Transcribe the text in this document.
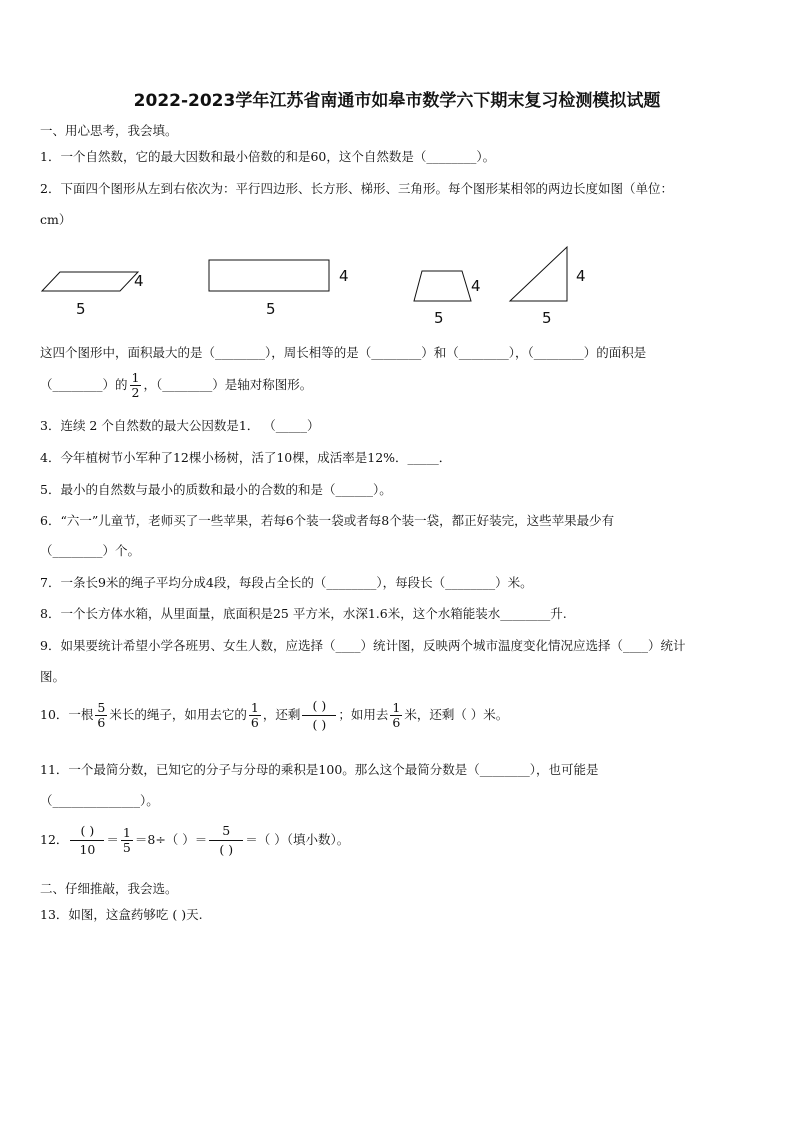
2022-2023学年江苏省南通市如皋市数学六下期末复习检测模拟试题
一、用心思考，我会填。
1．一个自然数，它的最大因数和最小倍数的和是60，这个自然数是（________）。
2．下面四个图形从左到右依次为：平行四边形、长方形、梯形、三角形。每个图形某相邻的两边长度如图（单位：
cm）
4
5
4
5
4
5
4
5
这四个图形中，面积最大的是（________），周长相等的是（________）和（________），（________）的面积是
（________）的 $\frac{1}{2}$ ，（________）是轴对称图形。
3．连续 2 个自然数的最大公因数是1． （_____）
4．今年植树节小军种了12棵小杨树，活了10棵，成活率是12%．_____．
5．最小的自然数与最小的质数和最小的合数的和是（______）。
6．“六一”儿童节，老师买了一些苹果，若每6个装一袋或者每8个装一袋，都正好装完，这些苹果最少有
（________）个。
7．一条长9米的绳子平均分成4段，每段占全长的（________），每段长（________）米。
8．一个长方体水箱，从里面量，底面积是25 平方米，水深1.6米，这个水箱能装水________升.
9．如果要统计希望小学各班男、女生人数，应选择（____）统计图，反映两个城市温度变化情况应选择（____）统计
图。
10．一根 $\frac{5}{6}$ 米长的绳子，如用去它的 $\frac{1}{6}$ ，还剩 $\frac{( )}{( )}$ ；如用去 $\frac{1}{6}$ 米，还剩（ ）米。
11．一个最简分数，已知它的分子与分母的乘积是100。那么这个最简分数是（________），也可能是
（______________）。
12． $\frac{( )}{10} = \frac{1}{5} =8\div$（ ）＝ $\frac{5}{( )}$ ＝（ ）（填小数）。
二、仔细推敲，我会选。
13．如图，这盒药够吃 ( )天.
